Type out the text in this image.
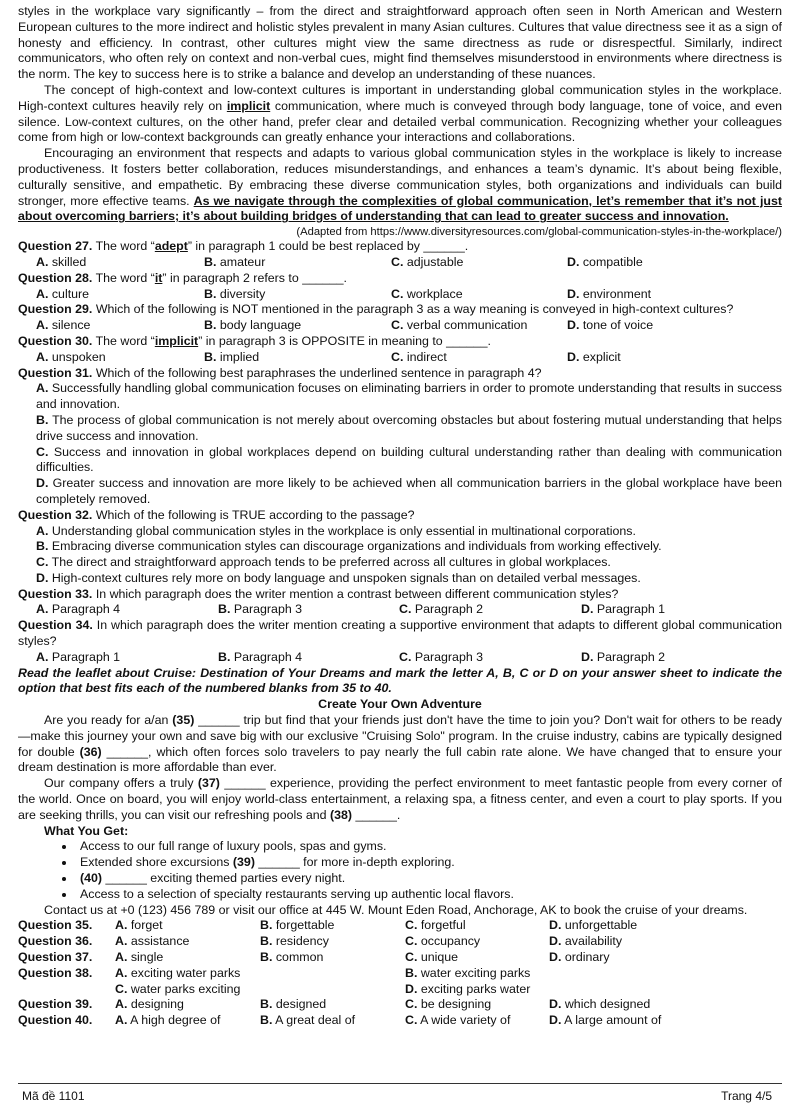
styles in the workplace vary significantly – from the direct and straightforward approach often seen in North American and Western European cultures to the more indirect and holistic styles prevalent in many Asian cultures. Cultures that value directness see it as a sign of honesty and efficiency. In contrast, other cultures might view the same directness as rude or disrespectful. Similarly, indirect communicators, who often rely on context and non-verbal cues, might find themselves misunderstood in environments where directness is the norm. The key to success here is to strike a balance and develop an understanding of these nuances.

The concept of high-context and low-context cultures is important in understanding global communication styles in the workplace. High-context cultures heavily rely on implicit communication, where much is conveyed through body language, tone of voice, and even silence. Low-context cultures, on the other hand, prefer clear and detailed verbal communication. Recognizing whether your colleagues come from high or low-context backgrounds can greatly enhance your interactions and collaborations.

Encouraging an environment that respects and adapts to various global communication styles in the workplace is likely to increase productiveness. It fosters better collaboration, reduces misunderstandings, and enhances a team’s dynamic. It’s about being flexible, culturally sensitive, and empathetic. By embracing these diverse communication styles, both organizations and individuals can build stronger, more effective teams. As we navigate through the complexities of global communication, let’s remember that it’s not just about overcoming barriers; it’s about building bridges of understanding that can lead to greater success and innovation.

(Adapted from https://www.diversityresources.com/global-communication-styles-in-the-workplace/)

Question 27. The word “adept” in paragraph 1 could be best replaced by ______.

A. skilled	B. amateur	C. adjustable	D. compatible

Question 28. The word “it” in paragraph 2 refers to ______.

A. culture	B. diversity	C. workplace	D. environment

Question 29. Which of the following is NOT mentioned in the paragraph 3 as a way meaning is conveyed in high-context cultures?

A. silence	B. body language	C. verbal communication	D. tone of voice

Question 30. The word “implicit” in paragraph 3 is OPPOSITE in meaning to ______.

A. unspoken	B. implied	C. indirect	D. explicit

Question 31. Which of the following best paraphrases the underlined sentence in paragraph 4?

A. Successfully handling global communication focuses on eliminating barriers in order to promote understanding that results in success and innovation.

B. The process of global communication is not merely about overcoming obstacles but about fostering mutual understanding that helps drive success and innovation.

C. Success and innovation in global workplaces depend on building cultural understanding rather than dealing with communication difficulties.

D. Greater success and innovation are more likely to be achieved when all communication barriers in the global workplace have been completely removed.

Question 32. Which of the following is TRUE according to the passage?

A. Understanding global communication styles in the workplace is only essential in multinational corporations.

B. Embracing diverse communication styles can discourage organizations and individuals from working effectively.

C. The direct and straightforward approach tends to be preferred across all cultures in global workplaces.

D. High-context cultures rely more on body language and unspoken signals than on detailed verbal messages.

Question 33. In which paragraph does the writer mention a contrast between different communication styles?

A. Paragraph 4	B. Paragraph 3	C. Paragraph 2	D. Paragraph 1

Question 34. In which paragraph does the writer mention creating a supportive environment that adapts to different global communication styles?

A. Paragraph 1	B. Paragraph 4	C. Paragraph 3	D. Paragraph 2

Read the leaflet about Cruise: Destination of Your Dreams and mark the letter A, B, C or D on your answer sheet to indicate the option that best fits each of the numbered blanks from 35 to 40.

Create Your Own Adventure

Are you ready for a/an (35) ______ trip but find that your friends just don't have the time to join you? Don't wait for others to be ready—make this journey your own and save big with our exclusive "Cruising Solo" program. In the cruise industry, cabins are typically designed for double (36) ______, which often forces solo travelers to pay nearly the full cabin rate alone. We have changed that to ensure your dream destination is more affordable than ever.

Our company offers a truly (37) ______ experience, providing the perfect environment to meet fantastic people from every corner of the world. Once on board, you will enjoy world-class entertainment, a relaxing spa, a fitness center, and even a court to play sports. If you are seeking thrills, you can visit our refreshing pools and (38) ______.

What You Get:

• Access to our full range of luxury pools, spas and gyms.
• Extended shore excursions (39) ______ for more in-depth exploring.
• (40) ______ exciting themed parties every night.
• Access to a selection of specialty restaurants serving up authentic local flavors.

Contact us at +0 (123) 456 789 or visit our office at 445 W. Mount Eden Road, Anchorage, AK to book the cruise of your dreams.

Question 35.	A. forget	B. forgettable	C. forgetful	D. unforgettable
Question 36.	A. assistance	B. residency	C. occupancy	D. availability
Question 37.	A. single	B. common	C. unique	D. ordinary
Question 38.	A. exciting water parks	B. water exciting parks
C. water parks exciting	D. exciting parks water
Question 39.	A. designing	B. designed	C. be designing	D. which designed
Question 40.	A. A high degree of	B. A great deal of	C. A wide variety of	D. A large amount of
Mã đề 1101	Trang 4/5
